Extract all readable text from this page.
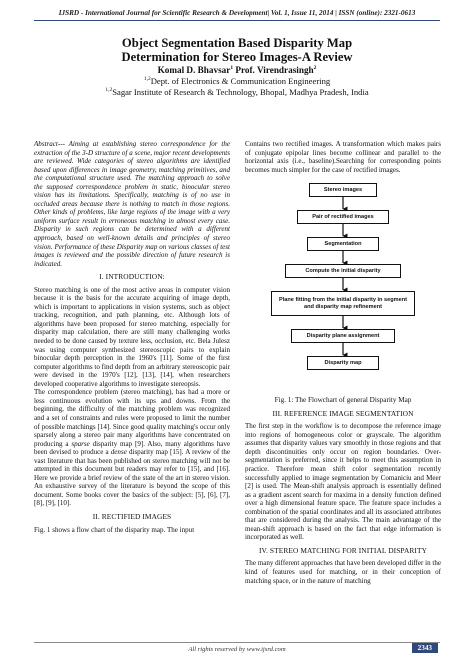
IJSRD - International Journal for Scientific Research & Development| Vol. 1, Issue 11, 2014 | ISSN (online): 2321-0613
Object Segmentation Based Disparity Map
Determination for Stereo Images-A Review
Komal D. Bhavsar$^1$ Prof. Virendrasingh$^2$
$^{1,2}$Dept. of Electronics & Communication Engineering
$^{1,2}$Sagar Institute of Research & Technology, Bhopal, Madhya Pradesh, India

Abstract--- Aiming at establishing stereo correspondence for the extraction of the 3-D structure of a scene, major recent developments are reviewed. Wide categories of stereo algorithms are identified based upon differences in image geometry, matching primitives, and the computational structure used. The matching approach to solve the supposed correspondence problem in static, binocular stereo vision has its limitations. Specifically, matching is of no use in occluded areas because there is nothing to match in those regions. Other kinds of problems, like large regions of the image with a very uniform surface result in erroneous matching in almost every case. Disparity in such regions can be determined with a different approach, based on well-known details and principles of stereo vision. Performance of these Disparity map on various classes of test images is reviewed and the possible direction of future research is indicated.

I. INTRODUCTION:

Stereo matching is one of the most active areas in computer vision because it is the basis for the accurate acquiring of image depth, which is important to applications in vision systems, such as object tracking, recognition, and path planning, etc. Although lots of algorithms have been proposed for stereo matching, especially for disparity map calculation, there are still many challenging works needed to be done caused by texture less, occlusion, etc. Bela Julesz was using computer synthesized stereoscopic pairs to explain binocular depth perception in the 1960's [11]. Some of the first computer algorithms to find depth from an arbitrary stereoscopic pair were devised in the 1970's [12], [13], [14], when researchers developed cooperative algorithms to investigate stereopsis.

The correspondence problem (stereo matching), has had a more or less continuous evolution with its ups and downs. From the beginning, the difficulty of the matching problem was recognized and a set of constraints and rules were proposed to limit the number of possible matchings [14]. Since good quality matching's occur only sparsely along a stereo pair many algorithms have concentrated on producing a sparse disparity map [9]. Also, many algorithms have been devised to produce a dense disparity map [15]. A review of the vast literature that has been published on stereo matching will not be attempted in this document but readers may refer to [15], and [16]. Here we provide a brief review of the state of the art in stereo vision. An exhaustive survey of the literature is beyond the scope of this document. Some books cover the basics of the subject: [5], [6], [7], [8], [9], [10].

II. RECTIFIED IMAGES

Fig. 1 shows a flow chart of the disparity map. The input

Contains two rectified images. A transformation which makes pairs of conjugate epipolar lines become collinear and parallel to the horizontal axis (i.e., baseline).Searching for corresponding points becomes much simpler for the case of rectified images.

Stereo images
Pair of rectified images
Segmentation
Compute the initial disparity
Plane fitting from the initial disparity in segment and disparity map refinement
Disparity plane assignment
Disparity map
Fig. 1: The Flowchart of general Disparity Map
III. REFERENCE IMAGE SEGMENTATION

The first step in the workflow is to decompose the reference image into regions of homogeneous color or grayscale. The algorithm assumes that disparity values vary smoothly in those regions and that depth discontinuities only occur on region boundaries. Over-segmentation is preferred, since it helps to meet this assumption in practice. Therefore mean shift color segmentation recently successfully applied to image segmentation by Comaniciu and Meer [2] is used. The Mean-shift analysis approach is essentially defined as a gradient ascent search for maxima in a density function defined over a high dimensional feature space. The feature space includes a combination of the spatial coordinates and all its associated attributes that are considered during the analysis. The main advantage of the mean-shift approach is based on the fact that edge information is incorporated as well.

IV. STEREO MATCHING FOR INITIAL DISPARITY

The many different approaches that have been developed differ in the kind of features used for matching, or in their conception of matching space, or in the nature of matching

All rights reserved by www.ijsrd.com	2343
